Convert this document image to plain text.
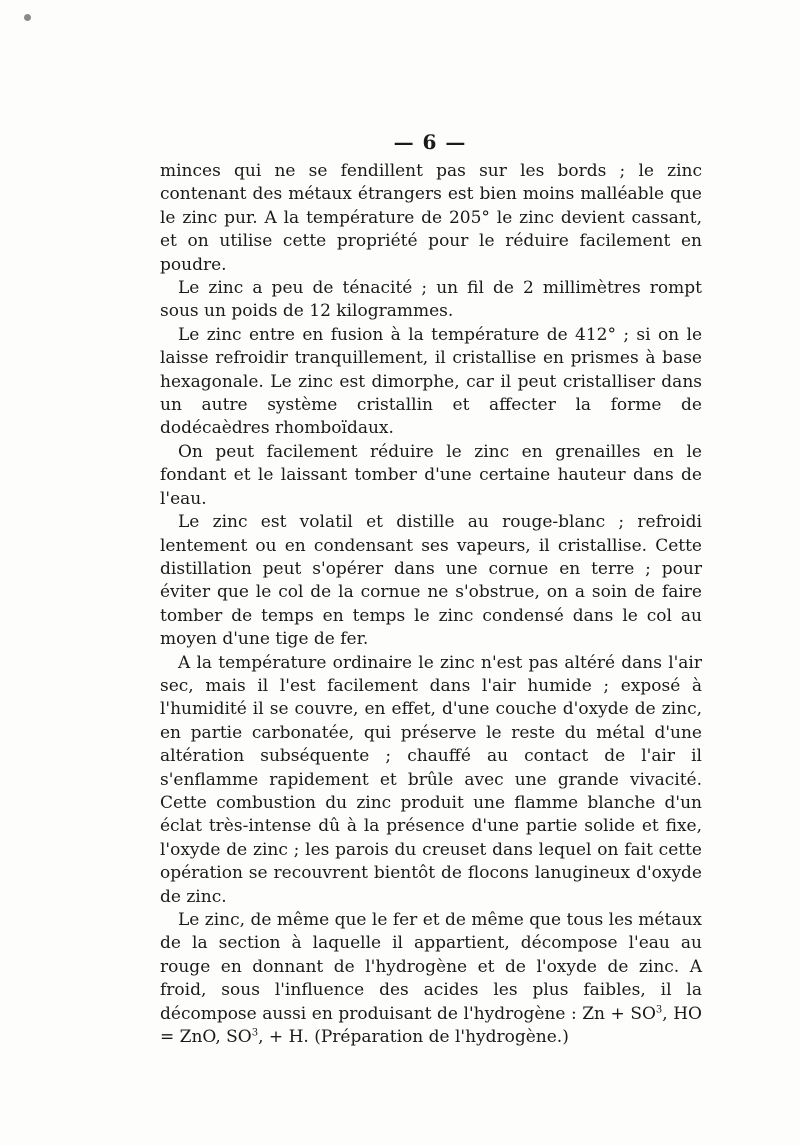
— 6 —

minces qui ne se fendillent pas sur les bords ; le zinc contenant des métaux étrangers est bien moins malléable que le zinc pur. A la température de 205° le zinc devient cassant, et on utilise cette propriété pour le réduire facilement en poudre.

Le zinc a peu de ténacité ; un fil de 2 millimètres rompt sous un poids de 12 kilogrammes.

Le zinc entre en fusion à la température de 412° ; si on le laisse refroidir tranquillement, il cristallise en prismes à base hexagonale. Le zinc est dimorphe, car il peut cristalliser dans un autre système cristallin et affecter la forme de dodécaèdres rhomboïdaux.

On peut facilement réduire le zinc en grenailles en le fondant et le laissant tomber d'une certaine hauteur dans de l'eau.

Le zinc est volatil et distille au rouge-blanc ; refroidi lentement ou en condensant ses vapeurs, il cristallise. Cette distillation peut s'opérer dans une cornue en terre ; pour éviter que le col de la cornue ne s'obstrue, on a soin de faire tomber de temps en temps le zinc condensé dans le col au moyen d'une tige de fer.

A la température ordinaire le zinc n'est pas altéré dans l'air sec, mais il l'est facilement dans l'air humide ; exposé à l'humidité il se couvre, en effet, d'une couche d'oxyde de zinc, en partie carbonatée, qui préserve le reste du métal d'une altération subséquente ; chauffé au contact de l'air il s'enflamme rapidement et brûle avec une grande vivacité. Cette combustion du zinc produit une flamme blanche d'un éclat très-intense dû à la présence d'une partie solide et fixe, l'oxyde de zinc ; les parois du creuset dans lequel on fait cette opération se recouvrent bientôt de flocons lanugineux d'oxyde de zinc.

Le zinc, de même que le fer et de même que tous les métaux de la section à laquelle il appartient, décompose l'eau au rouge en donnant de l'hydrogène et de l'oxyde de zinc. A froid, sous l'influence des acides les plus faibles, il la décompose aussi en produisant de l'hydrogène : $Zn + SO^3$, HO = ZnO, $SO^3$, + H. (Préparation de l'hydrogène.)
